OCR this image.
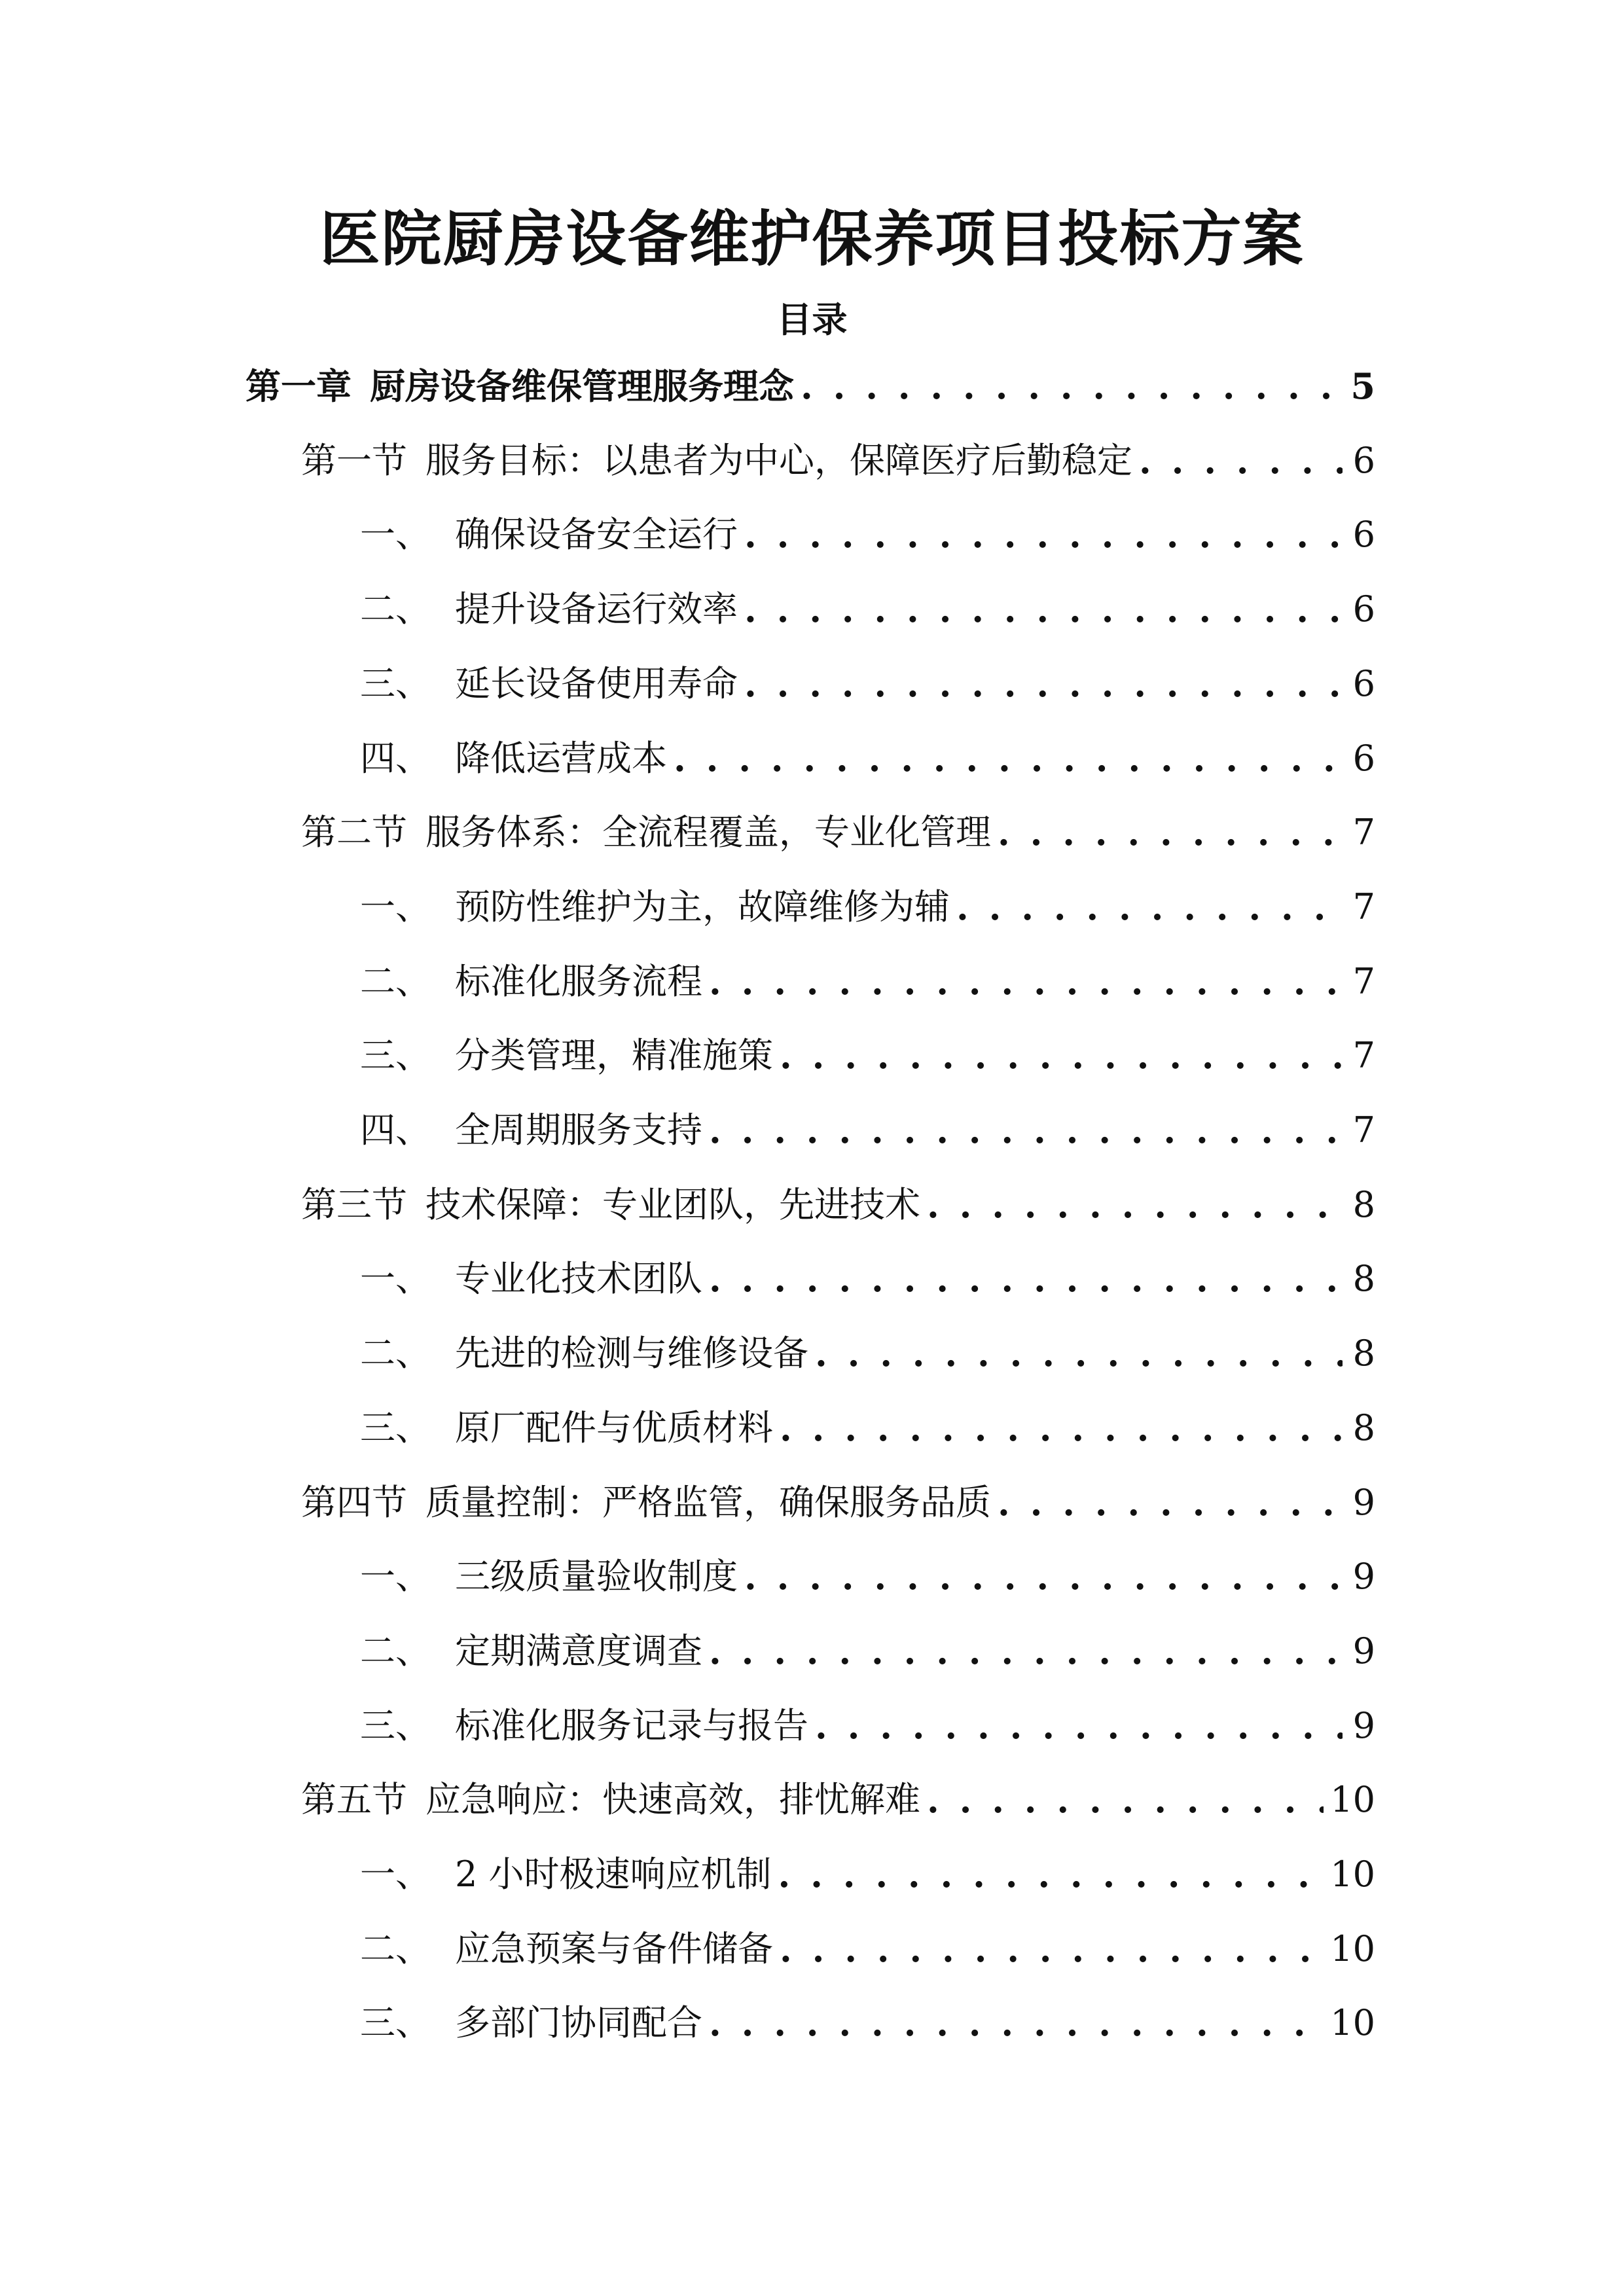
医院厨房设备维护保养项目投标方案
目录
第一章 厨房设备维保管理服务理念 . . .	5
第一节 服务目标：以患者为中心，保障医疗后勤稳定 . . .	6
一、 确保设备安全运行 . . .	6
二、 提升设备运行效率 . . .	6
三、 延长设备使用寿命 . . .	6
四、 降低运营成本 . . .	6
第二节 服务体系：全流程覆盖，专业化管理 . . .	7
一、 预防性维护为主，故障维修为辅 . . .	7
二、 标准化服务流程 . . .	7
三、 分类管理，精准施策 . . .	7
四、 全周期服务支持 . . .	7
第三节 技术保障：专业团队，先进技术 . . .	8
一、 专业化技术团队 . . .	8
二、 先进的检测与维修设备 . . .	8
三、 原厂配件与优质材料 . . .	8
第四节 质量控制：严格监管，确保服务品质 . . .	9
一、 三级质量验收制度 . . .	9
二、 定期满意度调查 . . .	9
三、 标准化服务记录与报告 . . .	9
第五节 应急响应：快速高效，排忧解难 . . .	10
一、 2 小时极速响应机制 . . .	10
二、 应急预案与备件储备 . . .	10
三、 多部门协同配合 . . .	10
